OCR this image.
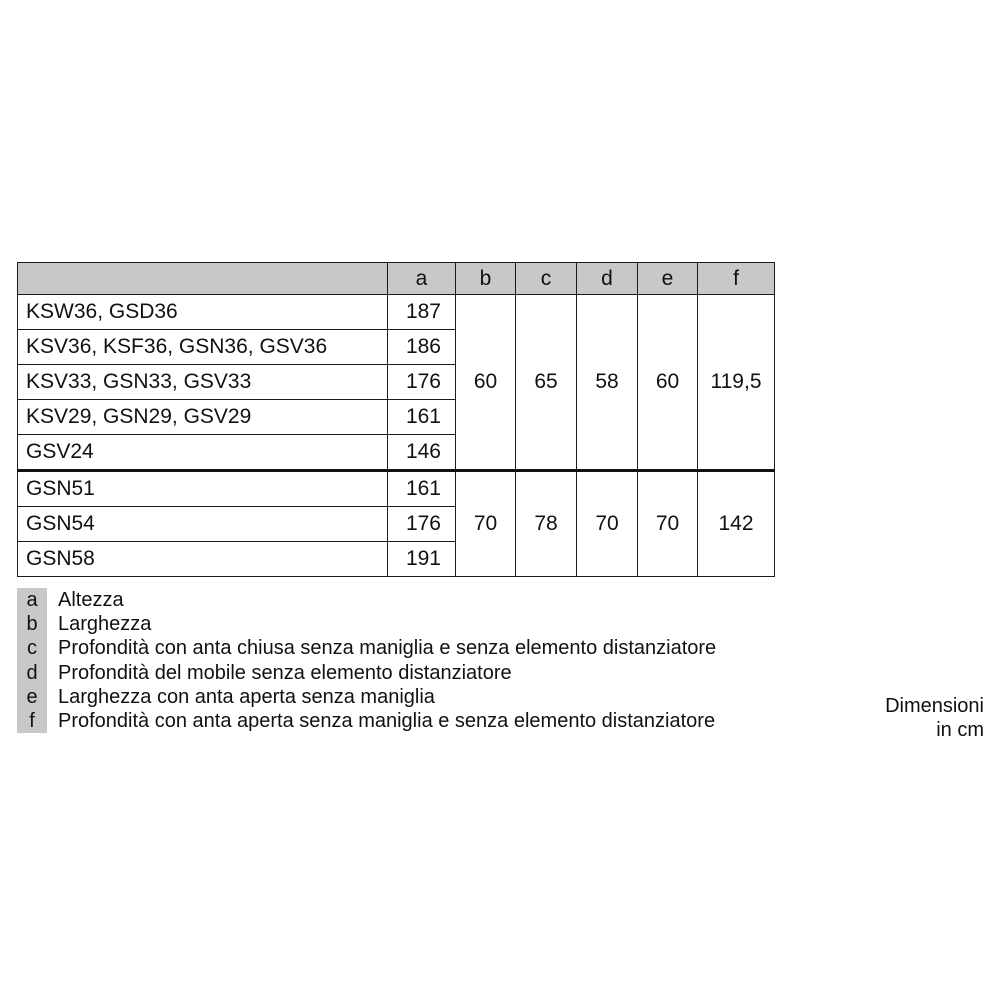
	a	b	c	d	e	f
KSW36, GSD36	187	60	65	58	60	119,5
KSV36, KSF36, GSN36, GSV36	186					
KSV33, GSN33, GSV33	176					
KSV29, GSN29, GSV29	161					
GSV24	146					
GSN51	161	70	78	70	70	142
GSN54	176					
GSN58	191					
a	Altezza
b	Larghezza
c	Profondità con anta chiusa senza maniglia e senza elemento distanziatore
d	Profondità del mobile senza elemento distanziatore
e	Larghezza con anta aperta senza maniglia
f	Profondità con anta aperta senza maniglia e senza elemento distanziatore
Dimensioni
in cm
